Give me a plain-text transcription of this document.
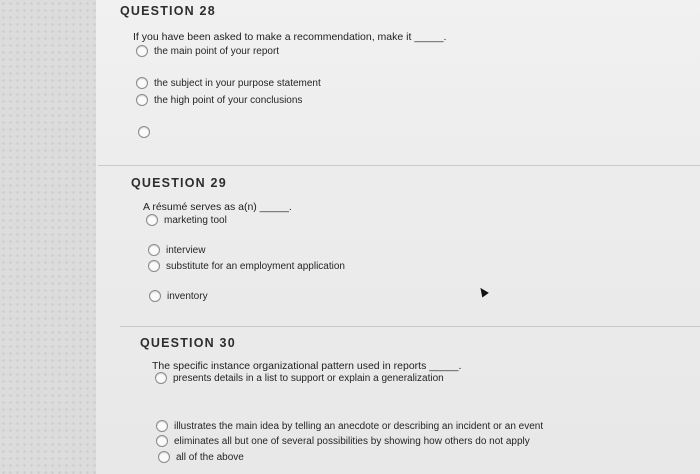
QUESTION 28
If you have been asked to make a recommendation, make it _____.
the main point of your report
the subject in your purpose statement
the high point of your conclusions
QUESTION 29
A résumé serves as a(n) _____.
marketing tool
interview
substitute for an employment application
inventory
QUESTION 30
The specific instance organizational pattern used in reports _____.
presents details in a list to support or explain a generalization
illustrates the main idea by telling an anecdote or describing an incident or an event
eliminates all but one of several possibilities by showing how others do not apply
all of the above
